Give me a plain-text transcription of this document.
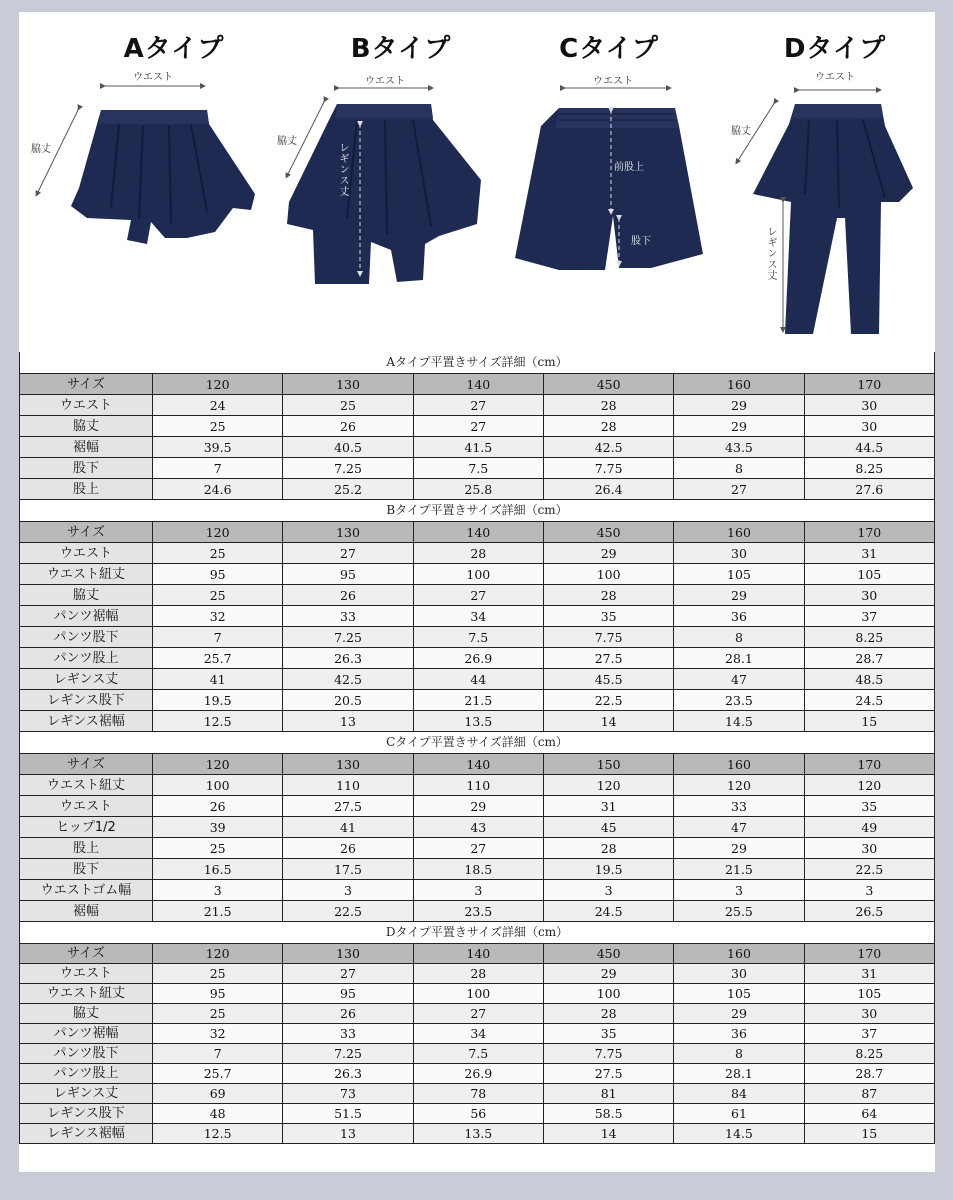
Aタイプ
ウエスト
脇丈
Bタイプ
ウエスト
脇丈
レギンス丈
Cタイプ
ウエスト
前股上
股下
Dタイプ
ウエスト
脇丈
レギンス丈
Aタイプ平置きサイズ詳細（cm）
サイズ	120	130	140	450	160	170
ウエスト	24	25	27	28	29	30
脇丈	25	26	27	28	29	30
裾幅	39.5	40.5	41.5	42.5	43.5	44.5
股下	7	7.25	7.5	7.75	8	8.25
股上	24.6	25.2	25.8	26.4	27	27.6
Bタイプ平置きサイズ詳細（cm）
サイズ	120	130	140	450	160	170
ウエスト	25	27	28	29	30	31
ウエスト紐丈	95	95	100	100	105	105
脇丈	25	26	27	28	29	30
パンツ裾幅	32	33	34	35	36	37
パンツ股下	7	7.25	7.5	7.75	8	8.25
パンツ股上	25.7	26.3	26.9	27.5	28.1	28.7
レギンス丈	41	42.5	44	45.5	47	48.5
レギンス股下	19.5	20.5	21.5	22.5	23.5	24.5
レギンス裾幅	12.5	13	13.5	14	14.5	15
Cタイプ平置きサイズ詳細（cm）
サイズ	120	130	140	150	160	170
ウエスト紐丈	100	110	110	120	120	120
ウエスト	26	27.5	29	31	33	35
ヒップ1/2	39	41	43	45	47	49
股上	25	26	27	28	29	30
股下	16.5	17.5	18.5	19.5	21.5	22.5
ウエストゴム幅	3	3	3	3	3	3
裾幅	21.5	22.5	23.5	24.5	25.5	26.5
Dタイプ平置きサイズ詳細（cm）
サイズ	120	130	140	450	160	170
ウエスト	25	27	28	29	30	31
ウエスト紐丈	95	95	100	100	105	105
脇丈	25	26	27	28	29	30
パンツ裾幅	32	33	34	35	36	37
パンツ股下	7	7.25	7.5	7.75	8	8.25
パンツ股上	25.7	26.3	26.9	27.5	28.1	28.7
レギンス丈	69	73	78	81	84	87
レギンス股下	48	51.5	56	58.5	61	64
レギンス裾幅	12.5	13	13.5	14	14.5	15
